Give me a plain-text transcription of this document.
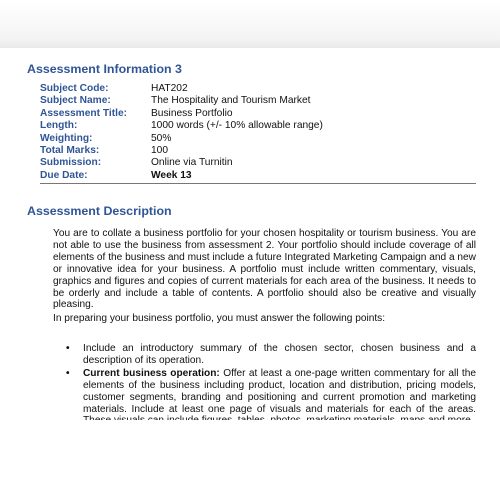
Assessment Information 3
Subject Code:	HAT202
Subject Name:	The Hospitality and Tourism Market
Assessment Title:	Business Portfolio
Length:	1000 words (+/- 10% allowable range)
Weighting:	50%
Total Marks:	100
Submission:	Online via Turnitin
Due Date:	Week 13
Assessment Description

You are to collate a business portfolio for your chosen hospitality or tourism business. You are not able to use the business from assessment 2. Your portfolio should include coverage of all elements of the business and must include a future Integrated Marketing Campaign and a new or innovative idea for your business. A portfolio must include written commentary, visuals, graphics and figures and copies of current materials for each area of the business. It needs to be orderly and include a table of contents. A portfolio should also be creative and visually pleasing.

In preparing your business portfolio, you must answer the following points:

• Include an introductory summary of the chosen sector, chosen business and a description of its operation.
• Current business operation: Offer at least a one-page written commentary for all the elements of the business including product, location and distribution, pricing models, customer segments, branding and positioning and current promotion and marketing materials. Include at least one page of visuals and materials for each of the areas.
